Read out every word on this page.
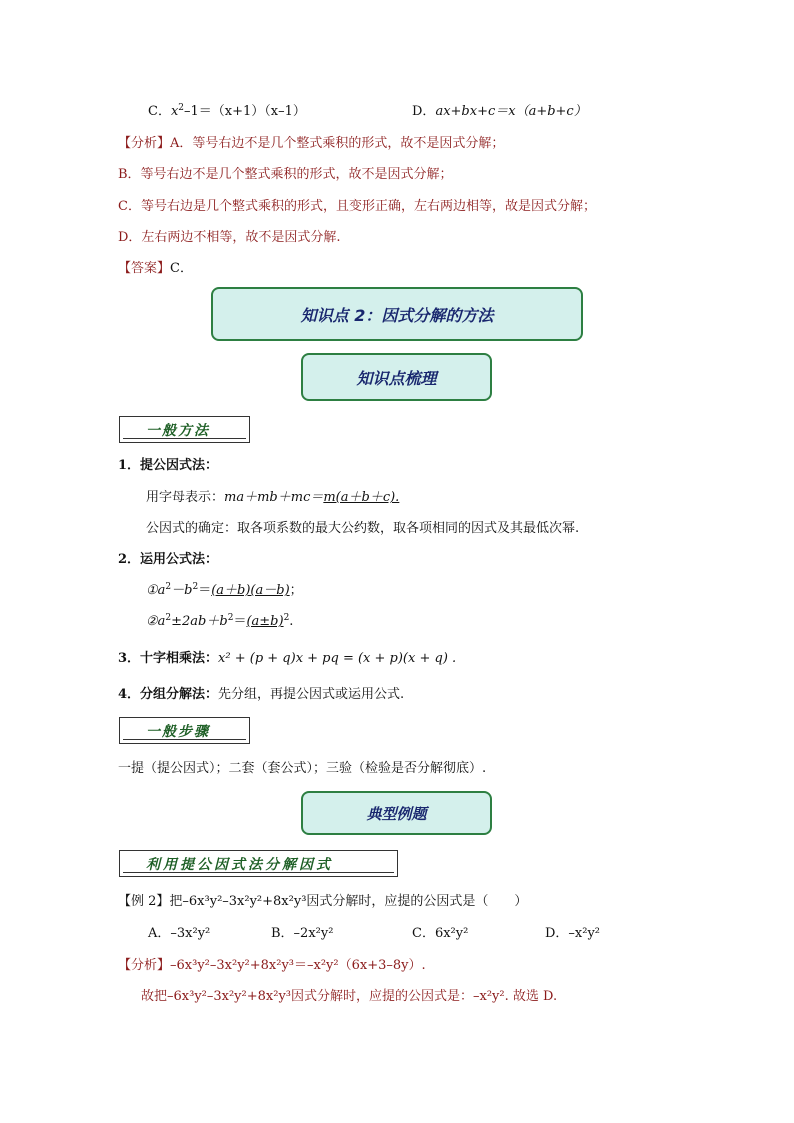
C．$x^2-1=(x+1)(x-1)$	D．ax+bx+c＝x（a+b+c）
【分析】A．等号右边不是几个整式乘积的形式，故不是因式分解；
B．等号右边不是几个整式乘积的形式，故不是因式分解；
C．等号右边是几个整式乘积的形式，且变形正确，左右两边相等，故是因式分解；
D．左右两边不相等，故不是因式分解.
【答案】C．
知识点 2：因式分解的方法
知识点梳理
一般方法
1．提公因式法：
用字母表示：ma＋mb＋mc＝m(a＋b＋c).
公因式的确定：取各项系数的最大公约数，取各项相同的因式及其最低次幂.
2．运用公式法：
$①a^2-b^2=(a+b)(a-b)$；
$②a^2\pm 2ab+b^2=(a\pm b)^2$.
3．十字相乘法：x² + (p + q)x + pq = (x + p)(x + q) .
4．分组分解法：先分组，再提公因式或运用公式.
一般步骤
一提（提公因式）；二套（套公式）；三验（检验是否分解彻底）.
典型例题
利用提公因式法分解因式
【例 2】把–6x³y²–3x²y²+8x²y³因式分解时，应提的公因式是（　　）
A．–3x²y²	B．–2x²y²	C．6x²y²	D．–x²y²
【分析】–6x³y²–3x²y²+8x²y³＝–x²y²（6x+3–8y）.
故把–6x³y²–3x²y²+8x²y³因式分解时，应提的公因式是：–x²y². 故选 D.
